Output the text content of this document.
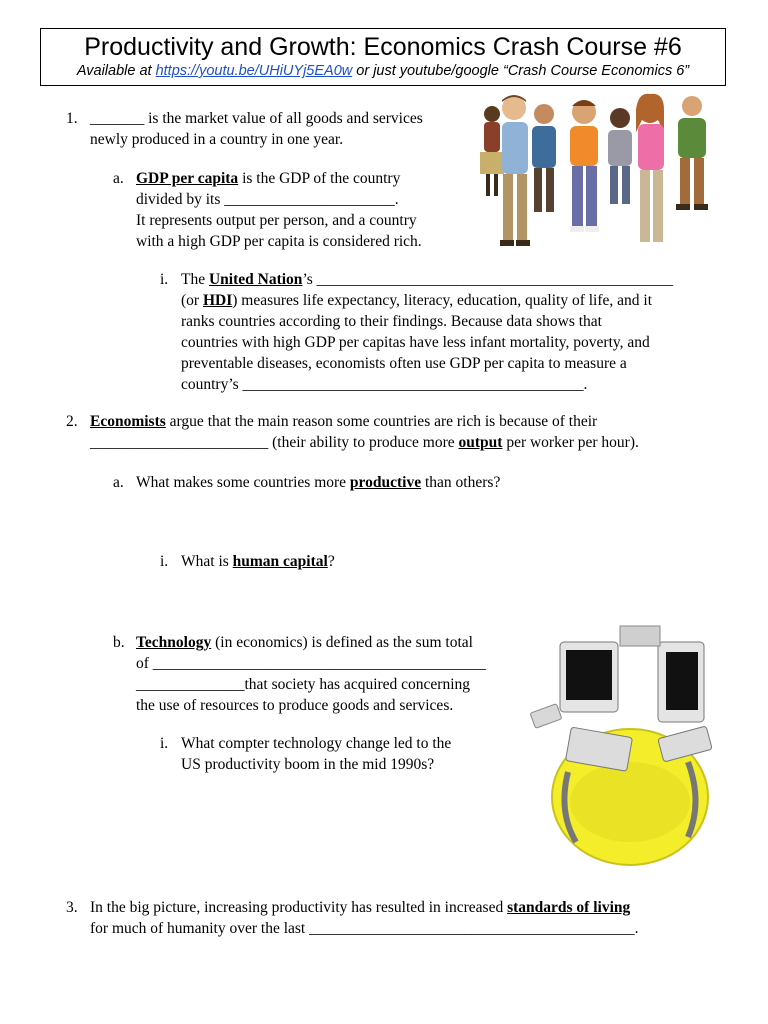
Productivity and Growth: Economics Crash Course #6
Available at https://youtu.be/UHiUYj5EA0w or just youtube/google “Crash Course Economics 6”
1. _______ is the market value of all goods and services
newly produced in a country in one year.
a. GDP per capita is the GDP of the country
divided by its ______________________.
It represents output per person, and a country
with a high GDP per capita is considered rich.
i. The United Nation’s ______________________________________________
(or HDI) measures life expectancy, literacy, education, quality of life, and it
ranks countries according to their findings. Because data shows that
countries with high GDP per capitas have less infant mortality, poverty, and
preventable diseases, economists often use GDP per capita to measure a
country’s ____________________________________________.
2. Economists argue that the main reason some countries are rich is because of their
_______________________ (their ability to produce more output per worker per hour).
a. What makes some countries more productive than others?
i. What is human capital?
b. Technology (in economics) is defined as the sum total
of ___________________________________________
______________that society has acquired concerning
the use of resources to produce goods and services.
i. What compter technology change led to the
US productivity boom in the mid 1990s?
3. In the big picture, increasing productivity has resulted in increased standards of living
for much of humanity over the last __________________________________________.
